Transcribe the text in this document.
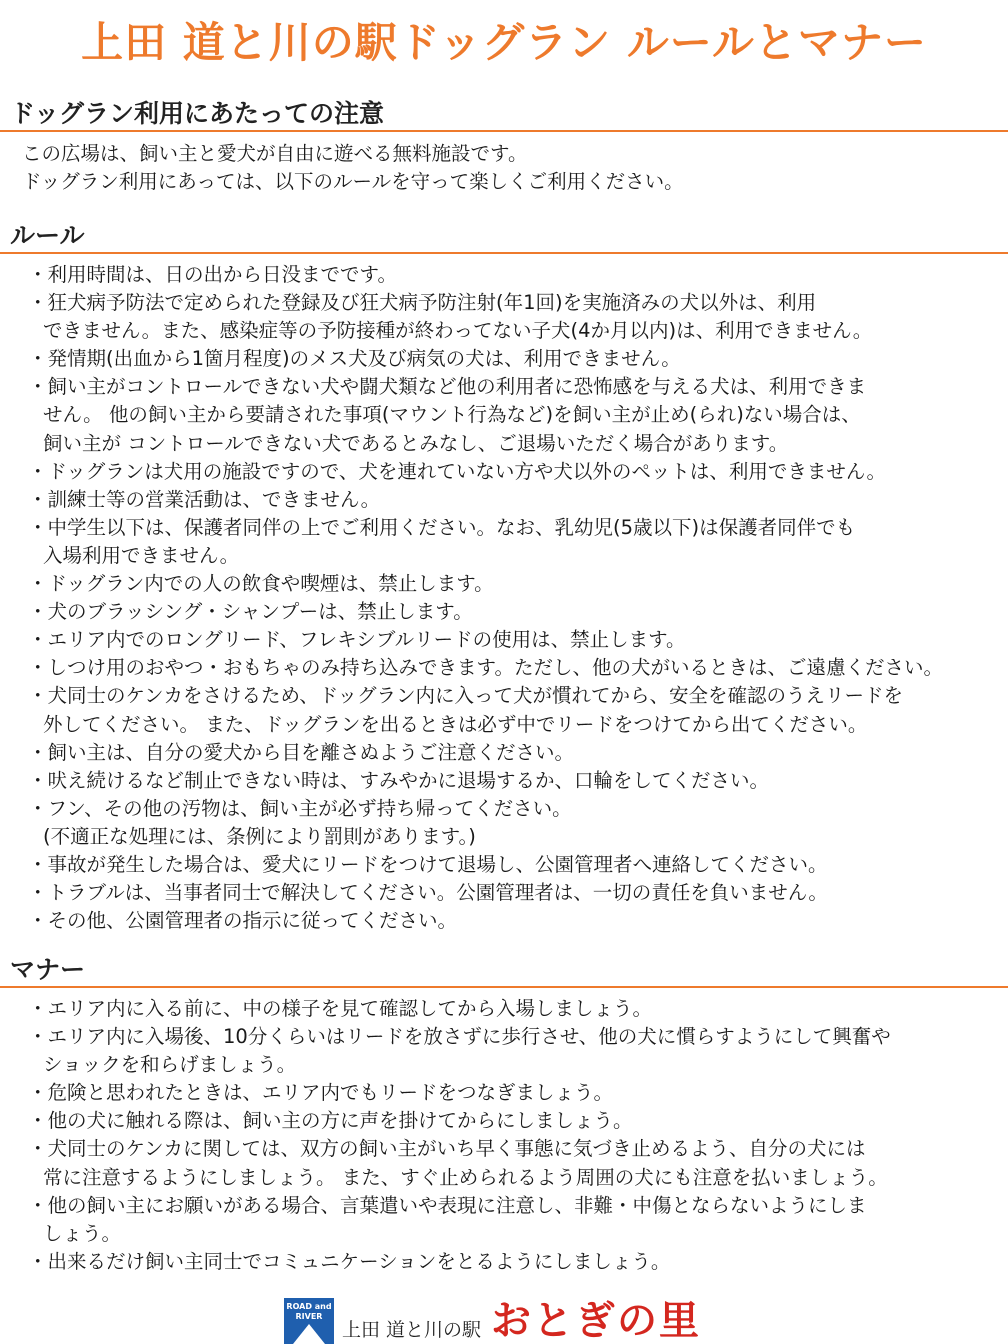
上田 道と川の駅ドッグラン ルールとマナー
ドッグラン利用にあたっての注意
この広場は、飼い主と愛犬が自由に遊べる無料施設です。
ドッグラン利用にあっては、以下のルールを守って楽しくご利用ください。
ルール
・利用時間は、日の出から日没までです。
・狂犬病予防法で定められた登録及び狂犬病予防注射(年1回)を実施済みの犬以外は、利用
できません。また、感染症等の予防接種が終わってない子犬(4か月以内)は、利用できません。
・発情期(出血から1箇月程度)のメス犬及び病気の犬は、利用できません。
・飼い主がコントロールできない犬や闘犬類など他の利用者に恐怖感を与える犬は、利用できま
せん。 他の飼い主から要請された事項(マウント行為など)を飼い主が止め(られ)ない場合は、
飼い主が コントロールできない犬であるとみなし、ご退場いただく場合があります。
・ドッグランは犬用の施設ですので、犬を連れていない方や犬以外のペットは、利用できません。
・訓練士等の営業活動は、できません。
・中学生以下は、保護者同伴の上でご利用ください。なお、乳幼児(5歳以下)は保護者同伴でも
入場利用できません。
・ドッグラン内での人の飲食や喫煙は、禁止します。
・犬のブラッシング・シャンプーは、禁止します。
・エリア内でのロングリード、フレキシブルリードの使用は、禁止します。
・しつけ用のおやつ・おもちゃのみ持ち込みできます。ただし、他の犬がいるときは、ご遠慮ください。
・犬同士のケンカをさけるため、ドッグラン内に入って犬が慣れてから、安全を確認のうえリードを
外してください。 また、ドッグランを出るときは必ず中でリードをつけてから出てください。
・飼い主は、自分の愛犬から目を離さぬようご注意ください。
・吠え続けるなど制止できない時は、すみやかに退場するか、口輪をしてください。
・フン、その他の汚物は、飼い主が必ず持ち帰ってください。
(不適正な処理には、条例により罰則があります。)
・事故が発生した場合は、愛犬にリードをつけて退場し、公園管理者へ連絡してください。
・トラブルは、当事者同士で解決してください。公園管理者は、一切の責任を負いません。
・その他、公園管理者の指示に従ってください。
マナー
・エリア内に入る前に、中の様子を見て確認してから入場しましょう。
・エリア内に入場後、10分くらいはリードを放さずに歩行させ、他の犬に慣らすようにして興奮や
ショックを和らげましょう。
・危険と思われたときは、エリア内でもリードをつなぎましょう。
・他の犬に触れる際は、飼い主の方に声を掛けてからにしましょう。
・犬同士のケンカに関しては、双方の飼い主がいち早く事態に気づき止めるよう、自分の犬には
常に注意するようにしましょう。 また、すぐ止められるよう周囲の犬にも注意を払いましょう。
・他の飼い主にお願いがある場合、言葉遣いや表現に注意し、非難・中傷とならないようにしま
しょう。
・出来るだけ飼い主同士でコミュニケーションをとるようにしましょう。
ROAD and RIVER
上田 道と川の駅 おとぎの里
